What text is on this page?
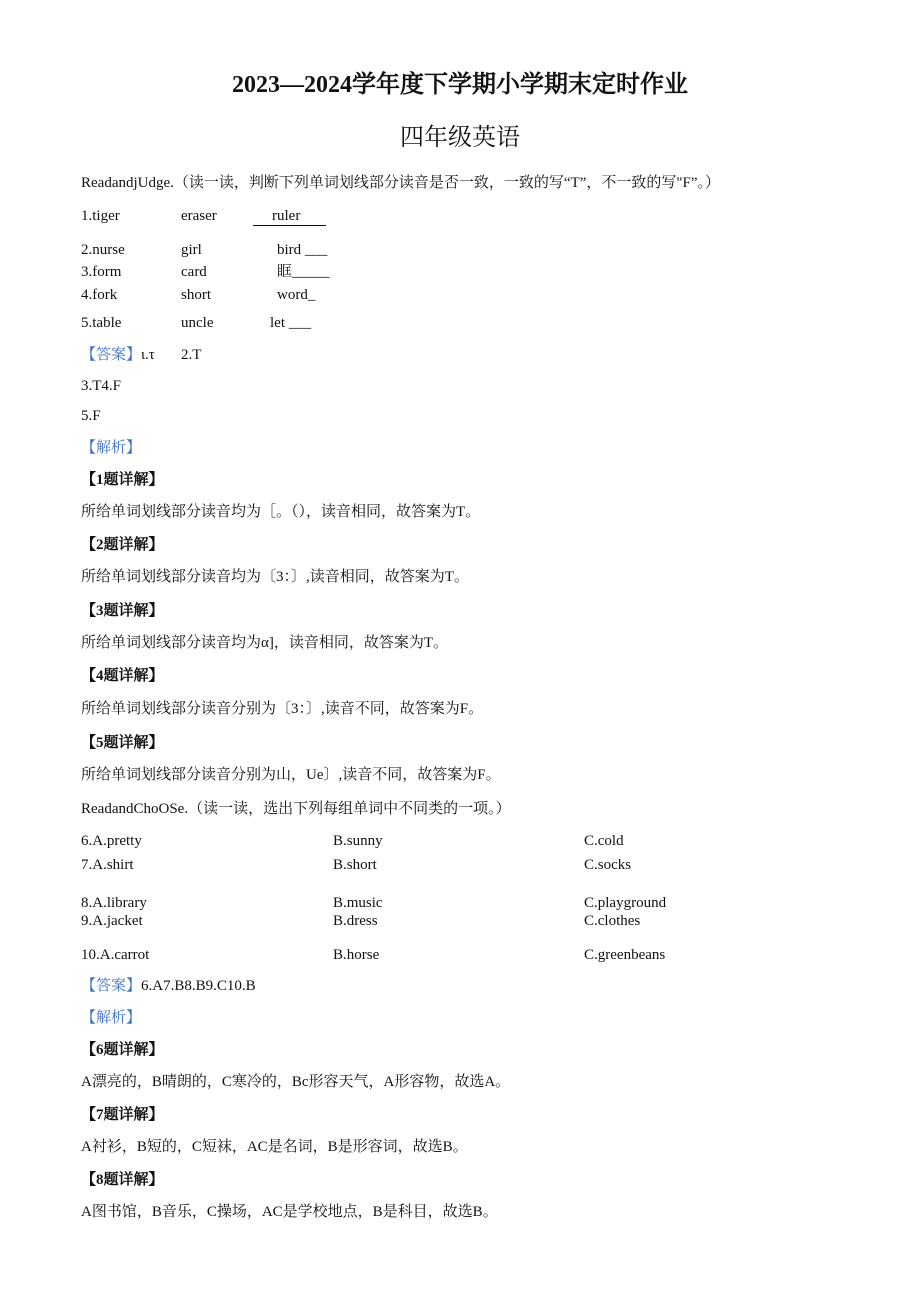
2023—2024学年度下学期小学期末定时作业
四年级英语
ReadandjUdge.（读一读，判断下列单词划线部分读音是否一致，一致的写“T”，不一致的写"F”。）
1.tiger	eraser	ruler
2.nurse	girl	bird ___
3.form	card	眶_____
4.fork	short	word_
5.table	uncle	let ___
【答案】ι.τ 2.T
3.T4.F
5.F
【解析】
【1题详解】
所给单词划线部分读音均为［。（），读音相同，故答案为T。
【2题详解】
所给单词划线部分读音均为〔3：〕,读音相同，故答案为T。
【3题详解】
所给单词划线部分读音均为α]，读音相同，故答案为T。
【4题详解】
所给单词划线部分读音分别为〔3：〕,读音不同，故答案为F。
【5题详解】
所给单词划线部分读音分别为山，Ue〕,读音不同，故答案为F。
ReadandChoOSe.（读一读，选出下列每组单词中不同类的一项。）
6.A.pretty	B.sunny	C.cold
7.A.shirt	B.short	C.socks
8.A.library	B.music	C.playground
9.A.jacket	B.dress	C.clothes
10.A.carrot	B.horse	C.greenbeans
【答案】6.A7.B8.B9.C10.B
【解析】
【6题详解】
A漂亮的，B晴朗的，C寒冷的，Bc形容天气，A形容物，故选A。
【7题详解】
A衬衫，B短的，C短袜，AC是名词，B是形容词，故选B。
【8题详解】
A图书馆，B音乐，C操场，AC是学校地点，B是科目，故选B。
